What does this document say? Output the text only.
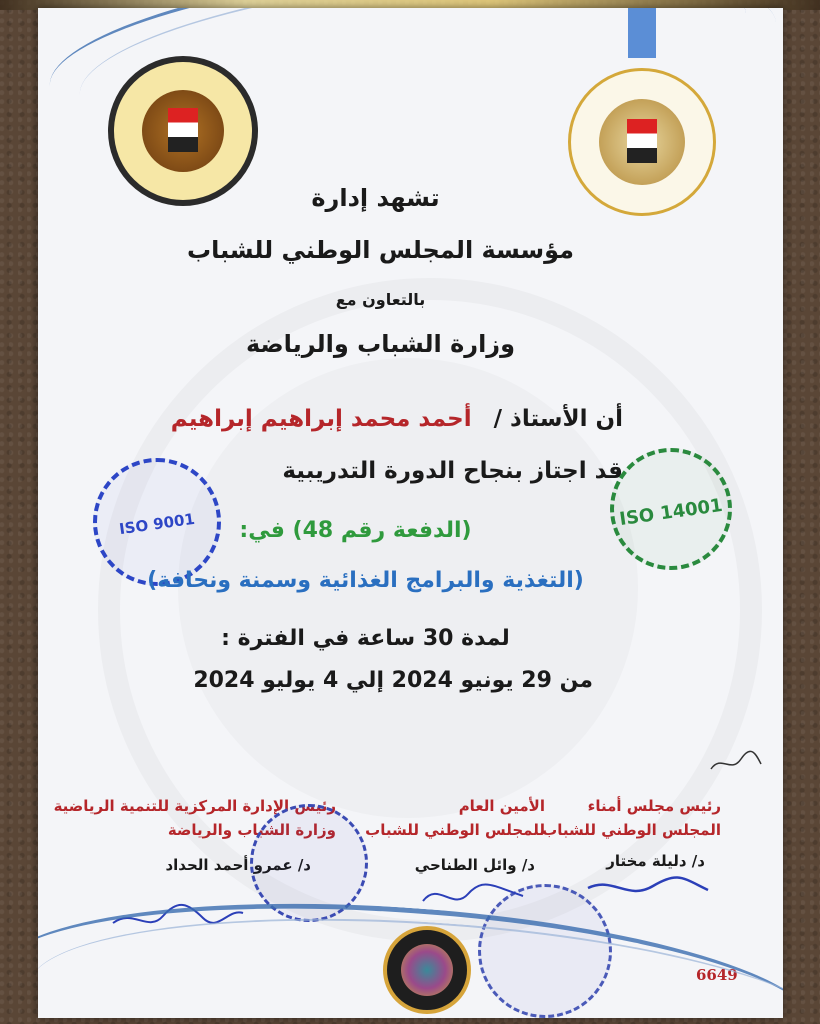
تشهد إدارة
مؤسسة المجلس الوطني للشباب
بالتعاون مع
وزارة الشباب والرياضة
أن الأستاذ / أحمد محمد إبراهيم إبراهيم
قد اجتاز بنجاح الدورة التدريبية
ISO 9001	ISO 14001
(الدفعة رقم 48) في:
(التغذية والبرامج الغذائية وسمنة ونحافة)
لمدة 30 ساعة في الفترة :
من 29 يونيو 2024 إلي 4 يوليو 2024
رئيس مجلس أمناء
المجلس الوطني للشباب
د/ دليلة مختار
الأمين العام
للمجلس الوطني للشباب
د/ وائل الطناحي
رئيس الإدارة المركزية للتنمية الرياضية
وزارة الشباب والرياضة
د/ عمرو أحمد الحداد
6649
